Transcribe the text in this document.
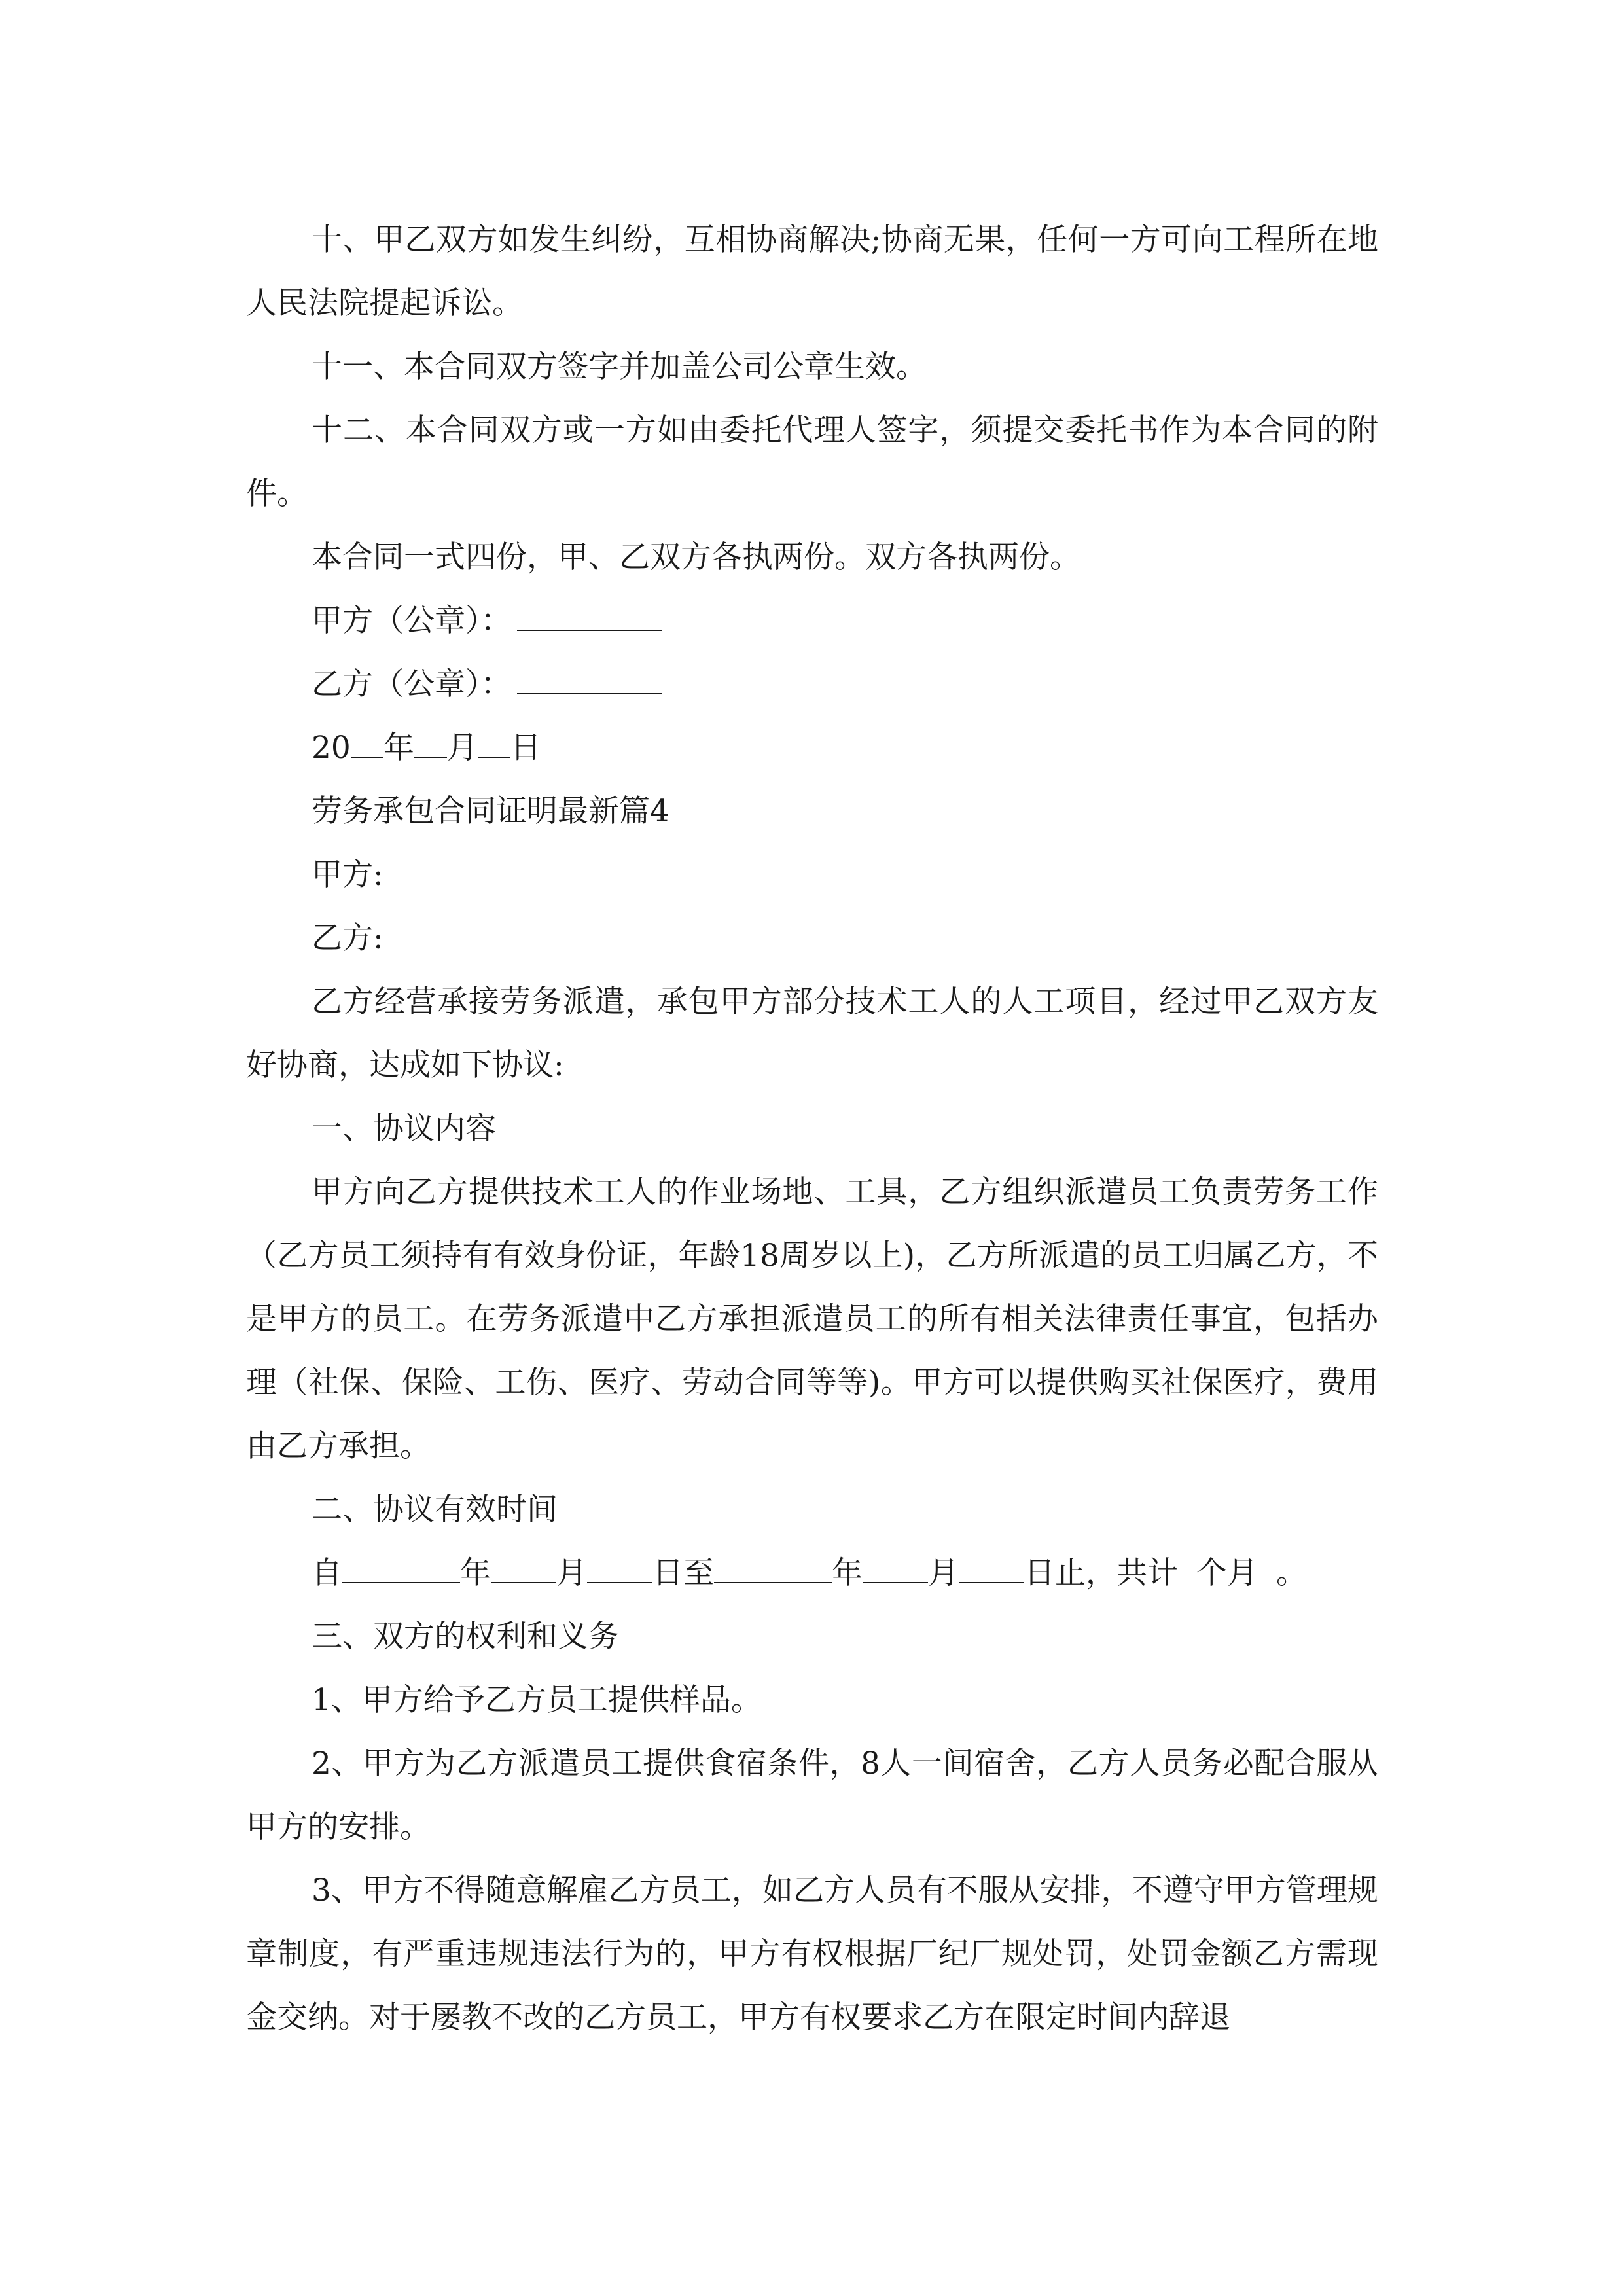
十、甲乙双方如发生纠纷，互相协商解决;协商无果，任何一方可向工程所在地人民法院提起诉讼。

十一、本合同双方签字并加盖公司公章生效。

十二、本合同双方或一方如由委托代理人签字，须提交委托书作为本合同的附件。

本合同一式四份，甲、乙双方各执两份。双方各执两份。

甲方（公章）：

乙方（公章）：

20 年 月 日

劳务承包合同证明最新篇4

甲方:

乙方:

乙方经营承接劳务派遣，承包甲方部分技术工人的人工项目，经过甲乙双方友好协商，达成如下协议:

一、协议内容

甲方向乙方提供技术工人的作业场地、工具，乙方组织派遣员工负责劳务工作（乙方员工须持有有效身份证，年龄18周岁以上)，乙方所派遣的员工归属乙方，不是甲方的员工。在劳务派遣中乙方承担派遣员工的所有相关法律责任事宜，包括办理（社保、保险、工伤、医疗、劳动合同等等)。甲方可以提供购买社保医疗，费用由乙方承担。

二、协议有效时间

自	年 月 日至	年 月 日止，共计 个月 。

三、双方的权利和义务

1、甲方给予乙方员工提供样品。

2、甲方为乙方派遣员工提供食宿条件，8人一间宿舍，乙方人员务必配合服从甲方的安排。

3、甲方不得随意解雇乙方员工，如乙方人员有不服从安排，不遵守甲方管理规章制度，有严重违规违法行为的，甲方有权根据厂纪厂规处罚，处罚金额乙方需现金交纳。对于屡教不改的乙方员工，甲方有权要求乙方在限定时间内辞退
